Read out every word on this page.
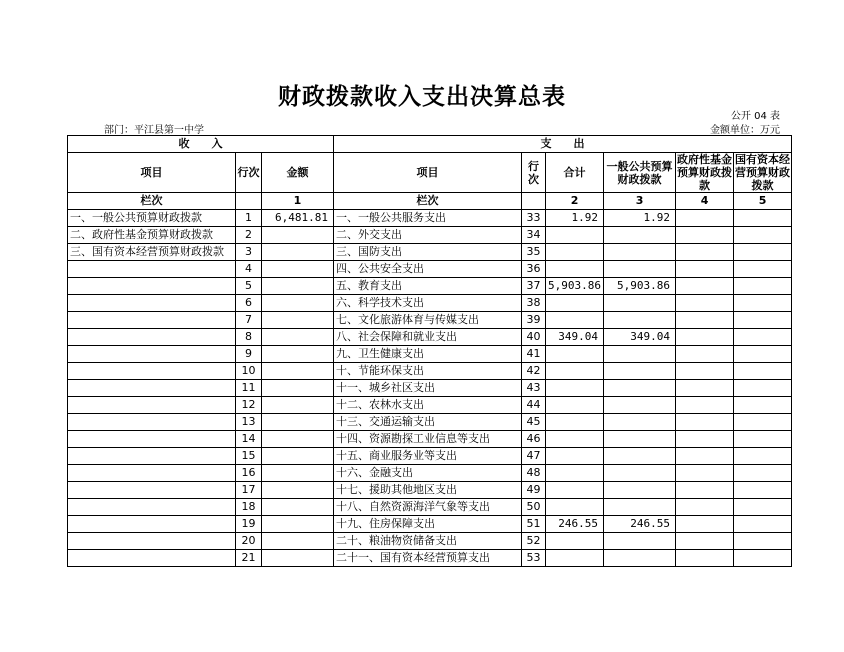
财政拨款收入支出决算总表
公开 04 表
部门：平江县第一中学	金额单位：万元
收　　入			支　　出					
项目	行次	金额	项目	行次	合计	一般公共预算财政拨款	政府性基金预算财政拨款	国有资本经营预算财政拨款
栏次		1	栏次		2	3	4	5
一、一般公共预算财政拨款	1	6,481.81	一、一般公共服务支出	33	1.92	1.92		
二、政府性基金预算财政拨款	2		二、外交支出	34				
三、国有资本经营预算财政拨款	3		三、国防支出	35				
	4		四、公共安全支出	36				
	5		五、教育支出	37	5,903.86	5,903.86		
	6		六、科学技术支出	38				
	7		七、文化旅游体育与传媒支出	39				
	8		八、社会保障和就业支出	40	349.04	349.04		
	9		九、卫生健康支出	41				
	10		十、节能环保支出	42				
	11		十一、城乡社区支出	43				
	12		十二、农林水支出	44				
	13		十三、交通运输支出	45				
	14		十四、资源勘探工业信息等支出	46				
	15		十五、商业服务业等支出	47				
	16		十六、金融支出	48				
	17		十七、援助其他地区支出	49				
	18		十八、自然资源海洋气象等支出	50				
	19		十九、住房保障支出	51	246.55	246.55		
	20		二十、粮油物资储备支出	52				
	21		二十一、国有资本经营预算支出	53				
